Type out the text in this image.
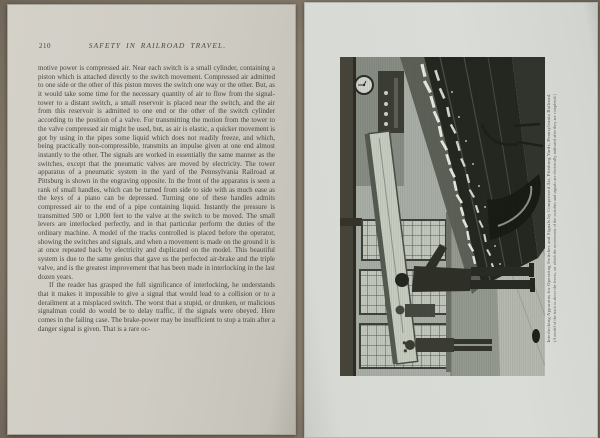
210	SAFETY IN RAILROAD TRAVEL.

motive power is compressed air. Near each switch is a small cylinder, containing a piston which is attached directly to the switch movement. Compressed air admitted to one side or the other of this piston moves the switch one way or the other. But, as it would take some time for the necessary quantity of air to flow from the signal-tower to a distant switch, a small reservoir is placed near the switch, and the air from this reservoir is admitted to one end or the other of the switch cylinder according to the position of a valve. For transmitting the motion from the tower to the valve compressed air might be used, but, as air is elastic, a quicker movement is got by using in the pipes some liquid which does not readily freeze, and which, being practically non-compressible, transmits an impulse given at one end almost instantly to the other. The signals are worked in essentially the same manner as the switches, except that the pneumatic valves are moved by electricity. The tower apparatus of a pneumatic system in the yard of the Pennsylvania Railroad at Pittsburg is shown in the engraving opposite. In the front of the apparatus is seen a rank of small handles, which can be turned from side to side with as much ease as the keys of a piano can be depressed. Turning one of these handles admits compressed air to the end of a pipe containing liquid. Instantly the pressure is transmitted 500 or 1,000 feet to the valve at the switch to be moved. The small levers are interlocked perfectly, and in that particular perform the duties of the ordinary machine. A model of the tracks controlled is placed before the operator, showing the switches and signals, and when a movement is made on the ground it is at once repeated back by electricity and duplicated on the model. This beautiful system is due to the same genius that gave us the perfected air-brake and the triple valve, and is the greatest improvement that has been made in interlocking in the last dozen years.

If the reader has grasped the full significance of interlocking, he understands that it makes it impossible to give a signal that would lead to a collision or to a derailment at a misplaced switch. The worst that a stupid, or drunken, or malicious signalman could do would be to delay traffic, if the signals were obeyed. Here comes in the failing case. The brake-power may be insufficient to stop a train after a danger signal is given. That is a rare oc-	Interlocking Apparatus for Operating Switches and Signals by Compressed Air, Pittsburg Yards, Pennsylvania Railroad. (A model of the track is above the levers, on which the movements of the switches and signals are electrically indicated after they are completed.)
